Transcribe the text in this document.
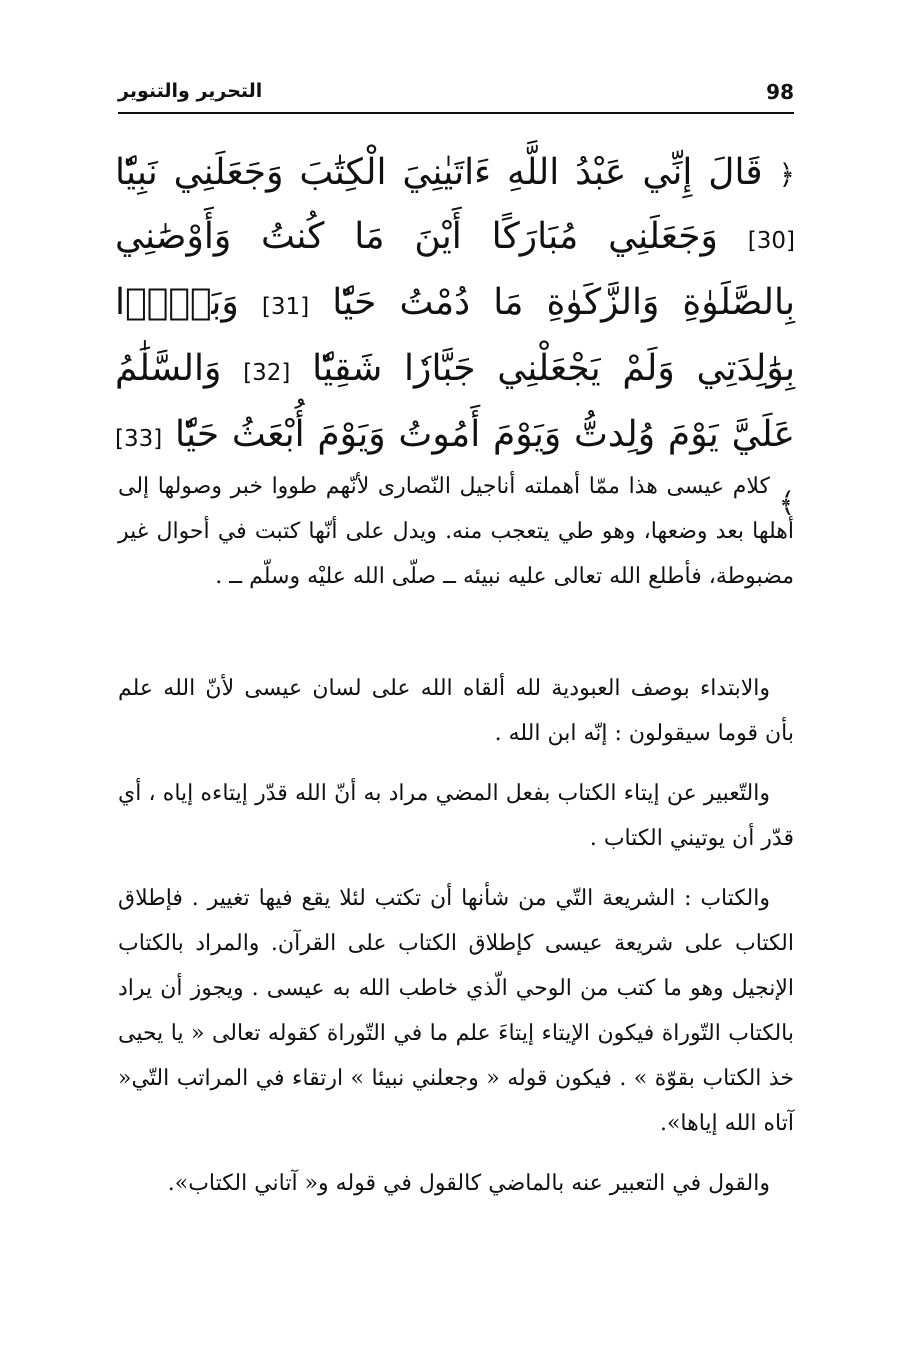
98
التحرير والتنوير
﴿ قَالَ إِنِّي عَبْدُ اللَّهِ ءَاتَيٰنِيَ الْكِتَٰبَ وَجَعَلَنِي نَبِيّٗا [30] وَجَعَلَنِي مُبَارَكًا أَيْنَ مَا كُنتُ وَأَوْصَٰنِي بِالصَّلَوٰةِ وَالزَّكَوٰةِ مَا دُمْتُ حَيّٗا [31] وَبَرَّۢا بِوَٰلِدَتِي وَلَمْ يَجْعَلْنِي جَبَّارٗا شَقِيّٗا [32] وَالسَّلَٰمُ عَلَيَّ يَوْمَ وُلِدتُّ وَيَوْمَ أَمُوتُ وَيَوْمَ أُبْعَثُ حَيّٗا [33] ﴾

كلام عيسى هذا ممّا أهملته أناجيل النّصارى لأنّهم طووا خبر وصولها إلى أهلها بعد وضعها، وهو طي يتعجب منه. ويدل على أنّها كتبت في أحوال غير مضبوطة، فأطلع الله تعالى عليه نبيئه ــ صلّى الله عليْه وسلّم ــ .

والابتداء بوصف العبودية لله ألقاه الله على لسان عيسى لأنّ الله علم بأن قوما سيقولون : إنّه ابن الله .

والتّعبير عن إيتاء الكتاب بفعل المضي مراد به أنّ الله قدّر إيتاءه إياه ، أي قدّر أن يوتيني الكتاب .

والكتاب : الشريعة التّي من شأنها أن تكتب لئلا يقع فيها تغيير . فإطلاق الكتاب على شريعة عيسى كإطلاق الكتاب على القرآن. والمراد بالكتاب الإنجيل وهو ما كتب من الوحي الّذي خاطب الله به عيسى . ويجوز أن يراد بالكتاب التّوراة فيكون الإيتاء إيتاءَ علم ما في التّوراة كقوله تعالى « يا يحيى خذ الكتاب بقوّة » . فيكون قوله « وجعلني نبيئا » ارتقاء في المراتب التّي« آتاه الله إياها».

والقول في التعبير عنه بالماضي كالقول في قوله و« آتاني الكتاب».
